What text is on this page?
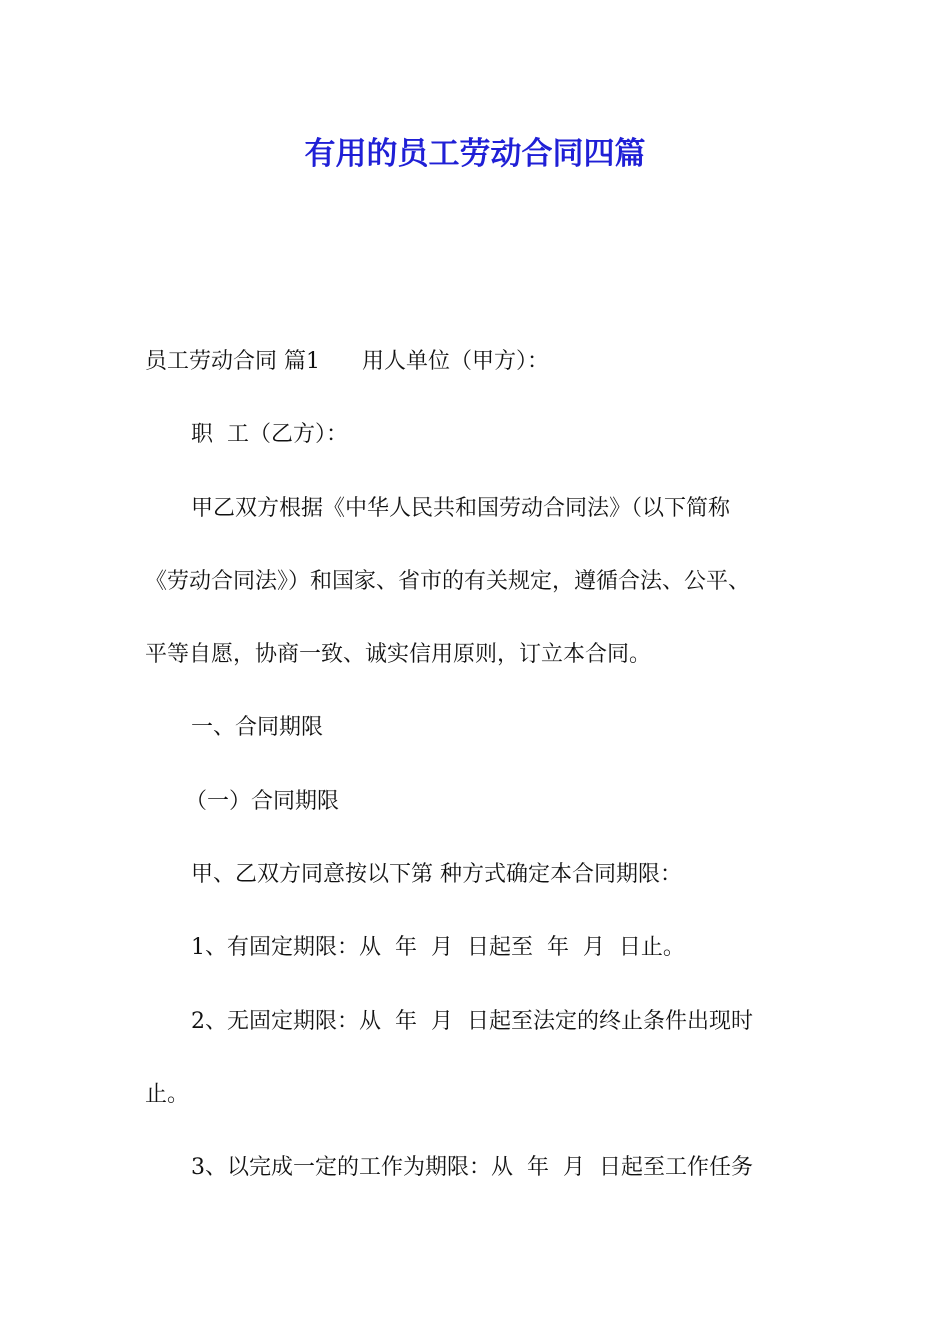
有用的员工劳动合同四篇
员工劳动合同 篇1      用人单位（甲方）：
职  工（乙方）：
甲乙双方根据《中华人民共和国劳动合同法》（以下简称
《劳动合同法》）和国家、省市的有关规定，遵循合法、公平、
平等自愿，协商一致、诚实信用原则，订立本合同。
一、合同期限
（一）合同期限
甲、乙双方同意按以下第 种方式确定本合同期限：
1、有固定期限：从  年  月  日起至  年  月  日止。
2、无固定期限：从  年  月  日起至法定的终止条件出现时
止。
3、以完成一定的工作为期限：从  年  月  日起至工作任务
